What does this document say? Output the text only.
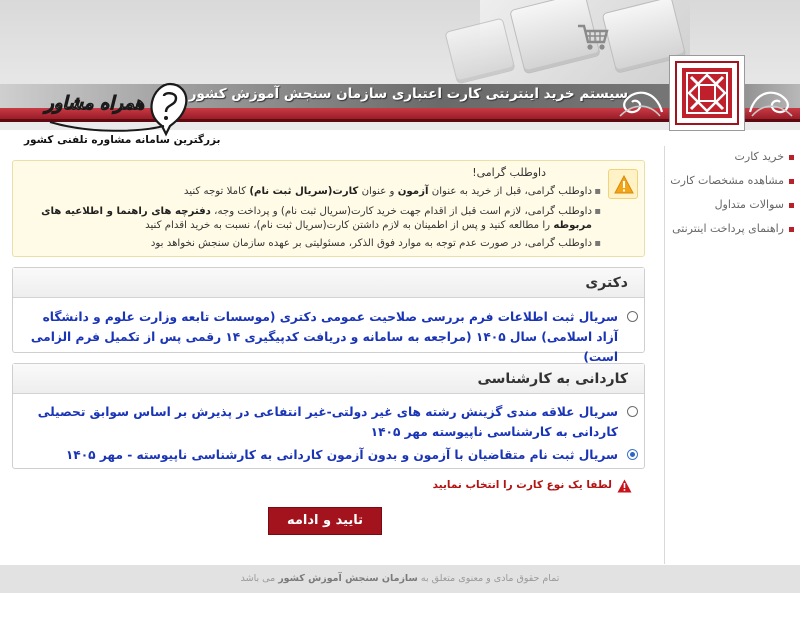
سیستم خرید اینترنتی کارت اعتباری سازمان سنجش آموزش کشور
همراه مشاور
بزرگترین سامانه مشاوره تلفنی کشور
خرید کارت
مشاهده مشخصات کارت
سوالات متداول
راهنمای پرداخت اینترنتی
داوطلب گرامی!
▪
داوطلب گرامی، قبل از خرید به عنوان آزمون و عنوان کارت(سریال ثبت نام) کاملا توجه کنید
▪
داوطلب گرامی، لازم است قبل از اقدام جهت خرید کارت(سریال ثبت نام) و پرداخت وجه، دفترچه های راهنما و اطلاعیه های
مربوطه را مطالعه کنید و پس از اطمینان به لازم داشتن کارت(سریال ثبت نام)، نسبت به خرید اقدام کنید
▪
داوطلب گرامی، در صورت عدم توجه به موارد فوق الذکر، مسئولیتی بر عهده سازمان سنجش نخواهد بود
دکتری
سریال ثبت اطلاعات فرم بررسی صلاحیت عمومی دکتری (موسسات تابعه وزارت علوم و دانشگاه آزاد اسلامی) سال ۱۴۰۵ (مراجعه به سامانه و دریافت کدپیگیری ۱۴ رقمی پس از تکمیل فرم الزامی است)
کاردانی به کارشناسی
سریال علاقه مندی گزینش رشته های غیر دولتی-غیر انتفاعی در پذیرش بر اساس سوابق تحصیلی کاردانی به کارشناسی ناپیوسته مهر ۱۴۰۵
سریال ثبت نام متقاضیان با آزمون و بدون آزمون کاردانی به کارشناسی ناپیوسته - مهر ۱۴۰۵
لطفا یک نوع کارت را انتخاب نمایید
تایید و ادامه
تمام حقوق مادی و معنوی متعلق به سازمان سنجش آموزش کشور می باشد
